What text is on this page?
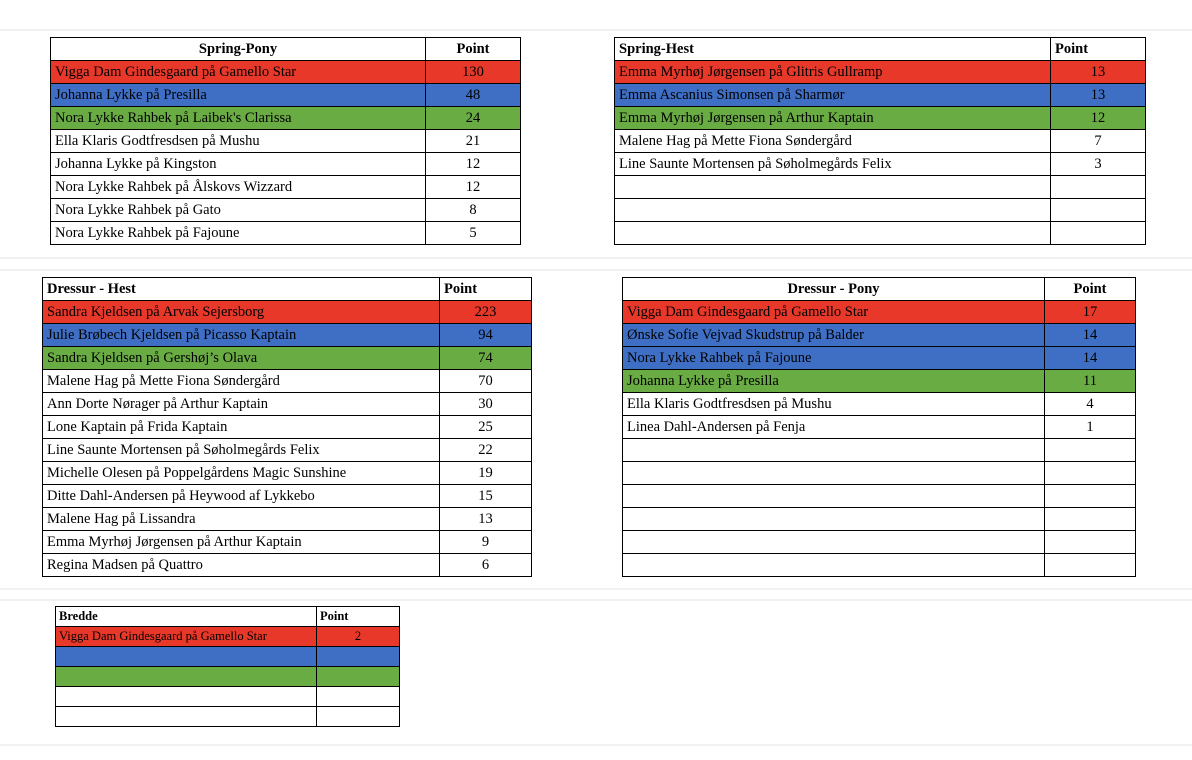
Spring-Pony	Point
Vigga Dam Gindesgaard på Gamello Star	130
Johanna Lykke på Presilla	48
Nora Lykke Rahbek på Laibek's Clarissa	24
Ella Klaris Godtfresdsen på Mushu	21
Johanna Lykke på Kingston	12
Nora Lykke Rahbek på Ålskovs Wizzard	12
Nora Lykke Rahbek på Gato	8
Nora Lykke Rahbek på Fajoune	5
Spring-Hest	Point
Emma Myrhøj Jørgensen på Glitris Gullramp	13
Emma Ascanius Simonsen på Sharmør	13
Emma Myrhøj Jørgensen på Arthur Kaptain	12
Malene Hag på Mette Fiona Søndergård	7
Line Saunte Mortensen på Søholmegårds Felix	3

Dressur - Hest	Point
Sandra Kjeldsen på Arvak Sejersborg	223
Julie Brøbech Kjeldsen på Picasso Kaptain	94
Sandra Kjeldsen på Gershøj’s Olava	74
Malene Hag på Mette Fiona Søndergård	70
Ann Dorte Nørager på Arthur Kaptain	30
Lone Kaptain på Frida Kaptain	25
Line Saunte Mortensen på Søholmegårds Felix	22
Michelle Olesen på Poppelgårdens Magic Sunshine	19
Ditte Dahl-Andersen på Heywood af Lykkebo	15
Malene Hag på Lissandra	13
Emma Myrhøj Jørgensen på Arthur Kaptain	9
Regina Madsen på Quattro	6
Dressur - Pony	Point
Vigga Dam Gindesgaard på Gamello Star	17
Ønske Sofie Vejvad Skudstrup på Balder	14
Nora Lykke Rahbek på Fajoune	14
Johanna Lykke på Presilla	11
Ella Klaris Godtfresdsen på Mushu	4
Linea Dahl-Andersen på Fenja	1

Bredde	Point
Vigga Dam Gindesgaard på Gamello Star	2
